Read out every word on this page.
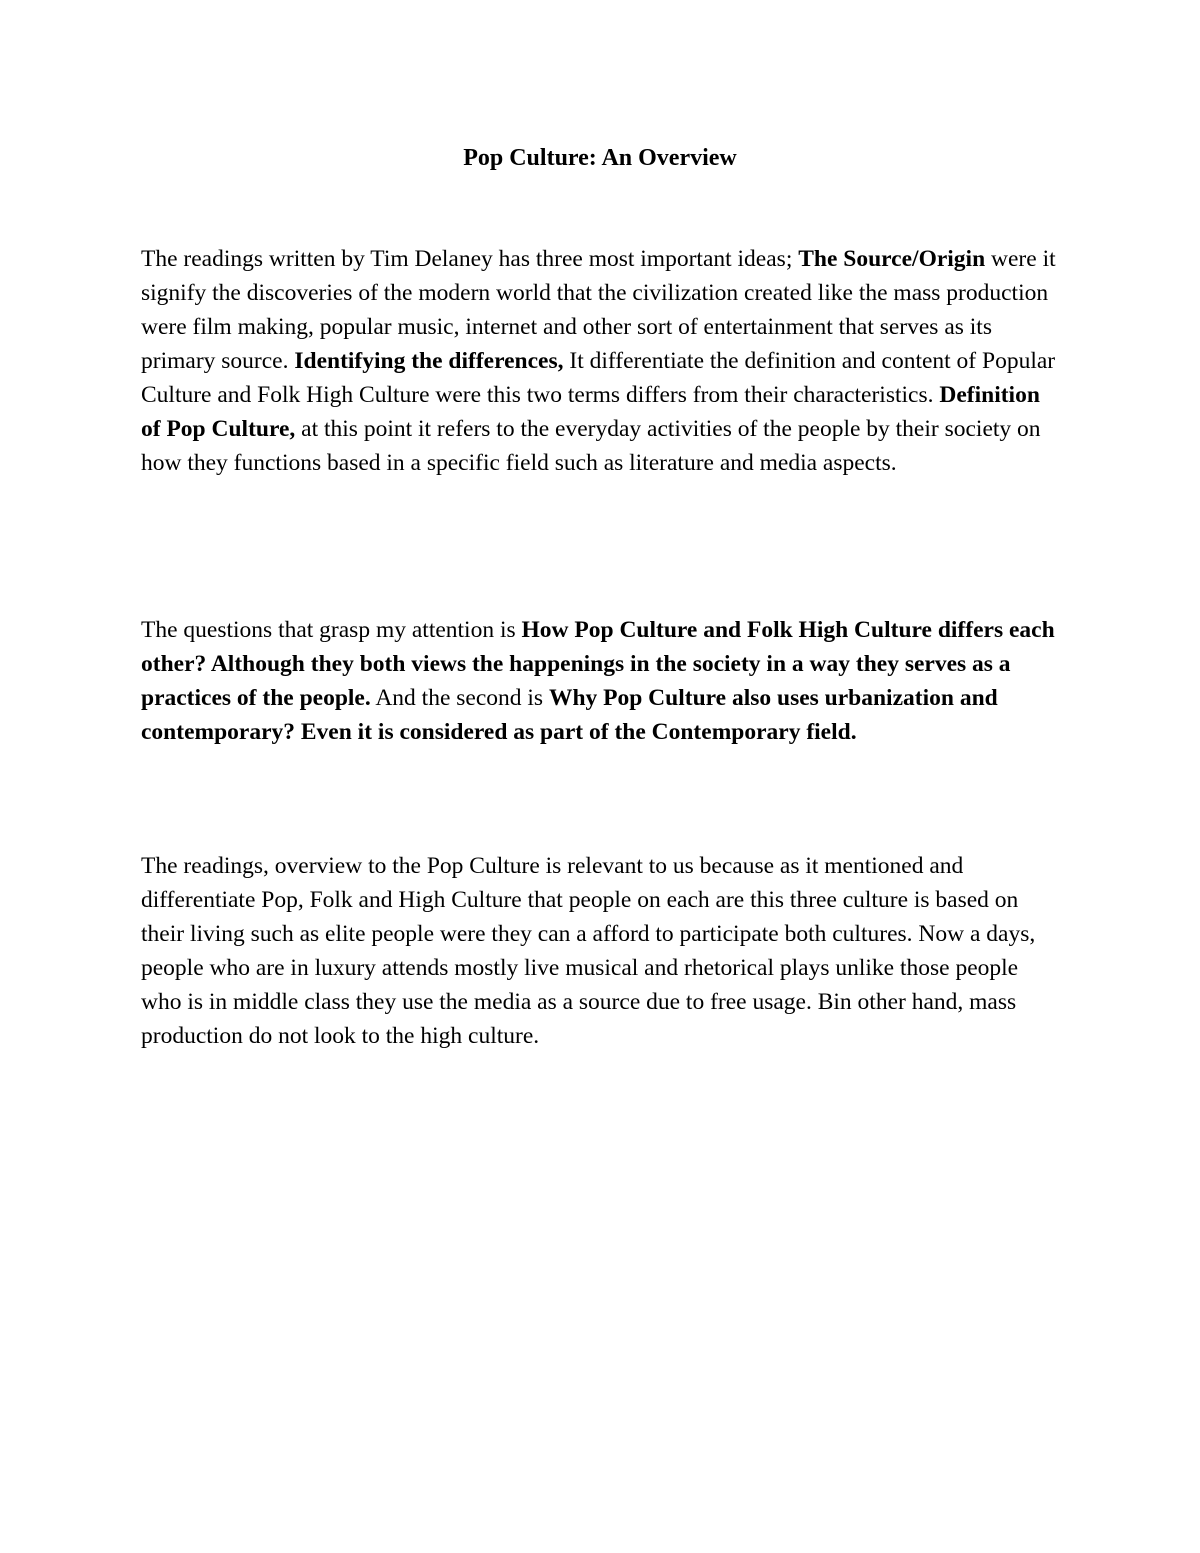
Pop Culture: An Overview

The readings written by Tim Delaney has three most important ideas; The Source/Origin were it signify the discoveries of the modern world that the civilization created like the mass production were film making, popular music, internet and other sort of entertainment that serves as its primary source. Identifying the differences, It differentiate the definition and content of Popular Culture and Folk High Culture were this two terms differs from their characteristics. Definition of Pop Culture, at this point it refers to the everyday activities of the people by their society on how they functions based in a specific field such as literature and media aspects.

The questions that grasp my attention is How Pop Culture and Folk High Culture differs each other? Although they both views the happenings in the society in a way they serves as a practices of the people. And the second is Why Pop Culture also uses urbanization and contemporary? Even it is considered as part of the Contemporary field.

The readings, overview to the Pop Culture is relevant to us because as it mentioned and differentiate Pop, Folk and High Culture that people on each are this three culture is based on their living such as elite people were they can a afford to participate both cultures. Now a days, people who are in luxury attends mostly live musical and rhetorical plays unlike those people who is in middle class they use the media as a source due to free usage. Bin other hand, mass production do not look to the high culture.
